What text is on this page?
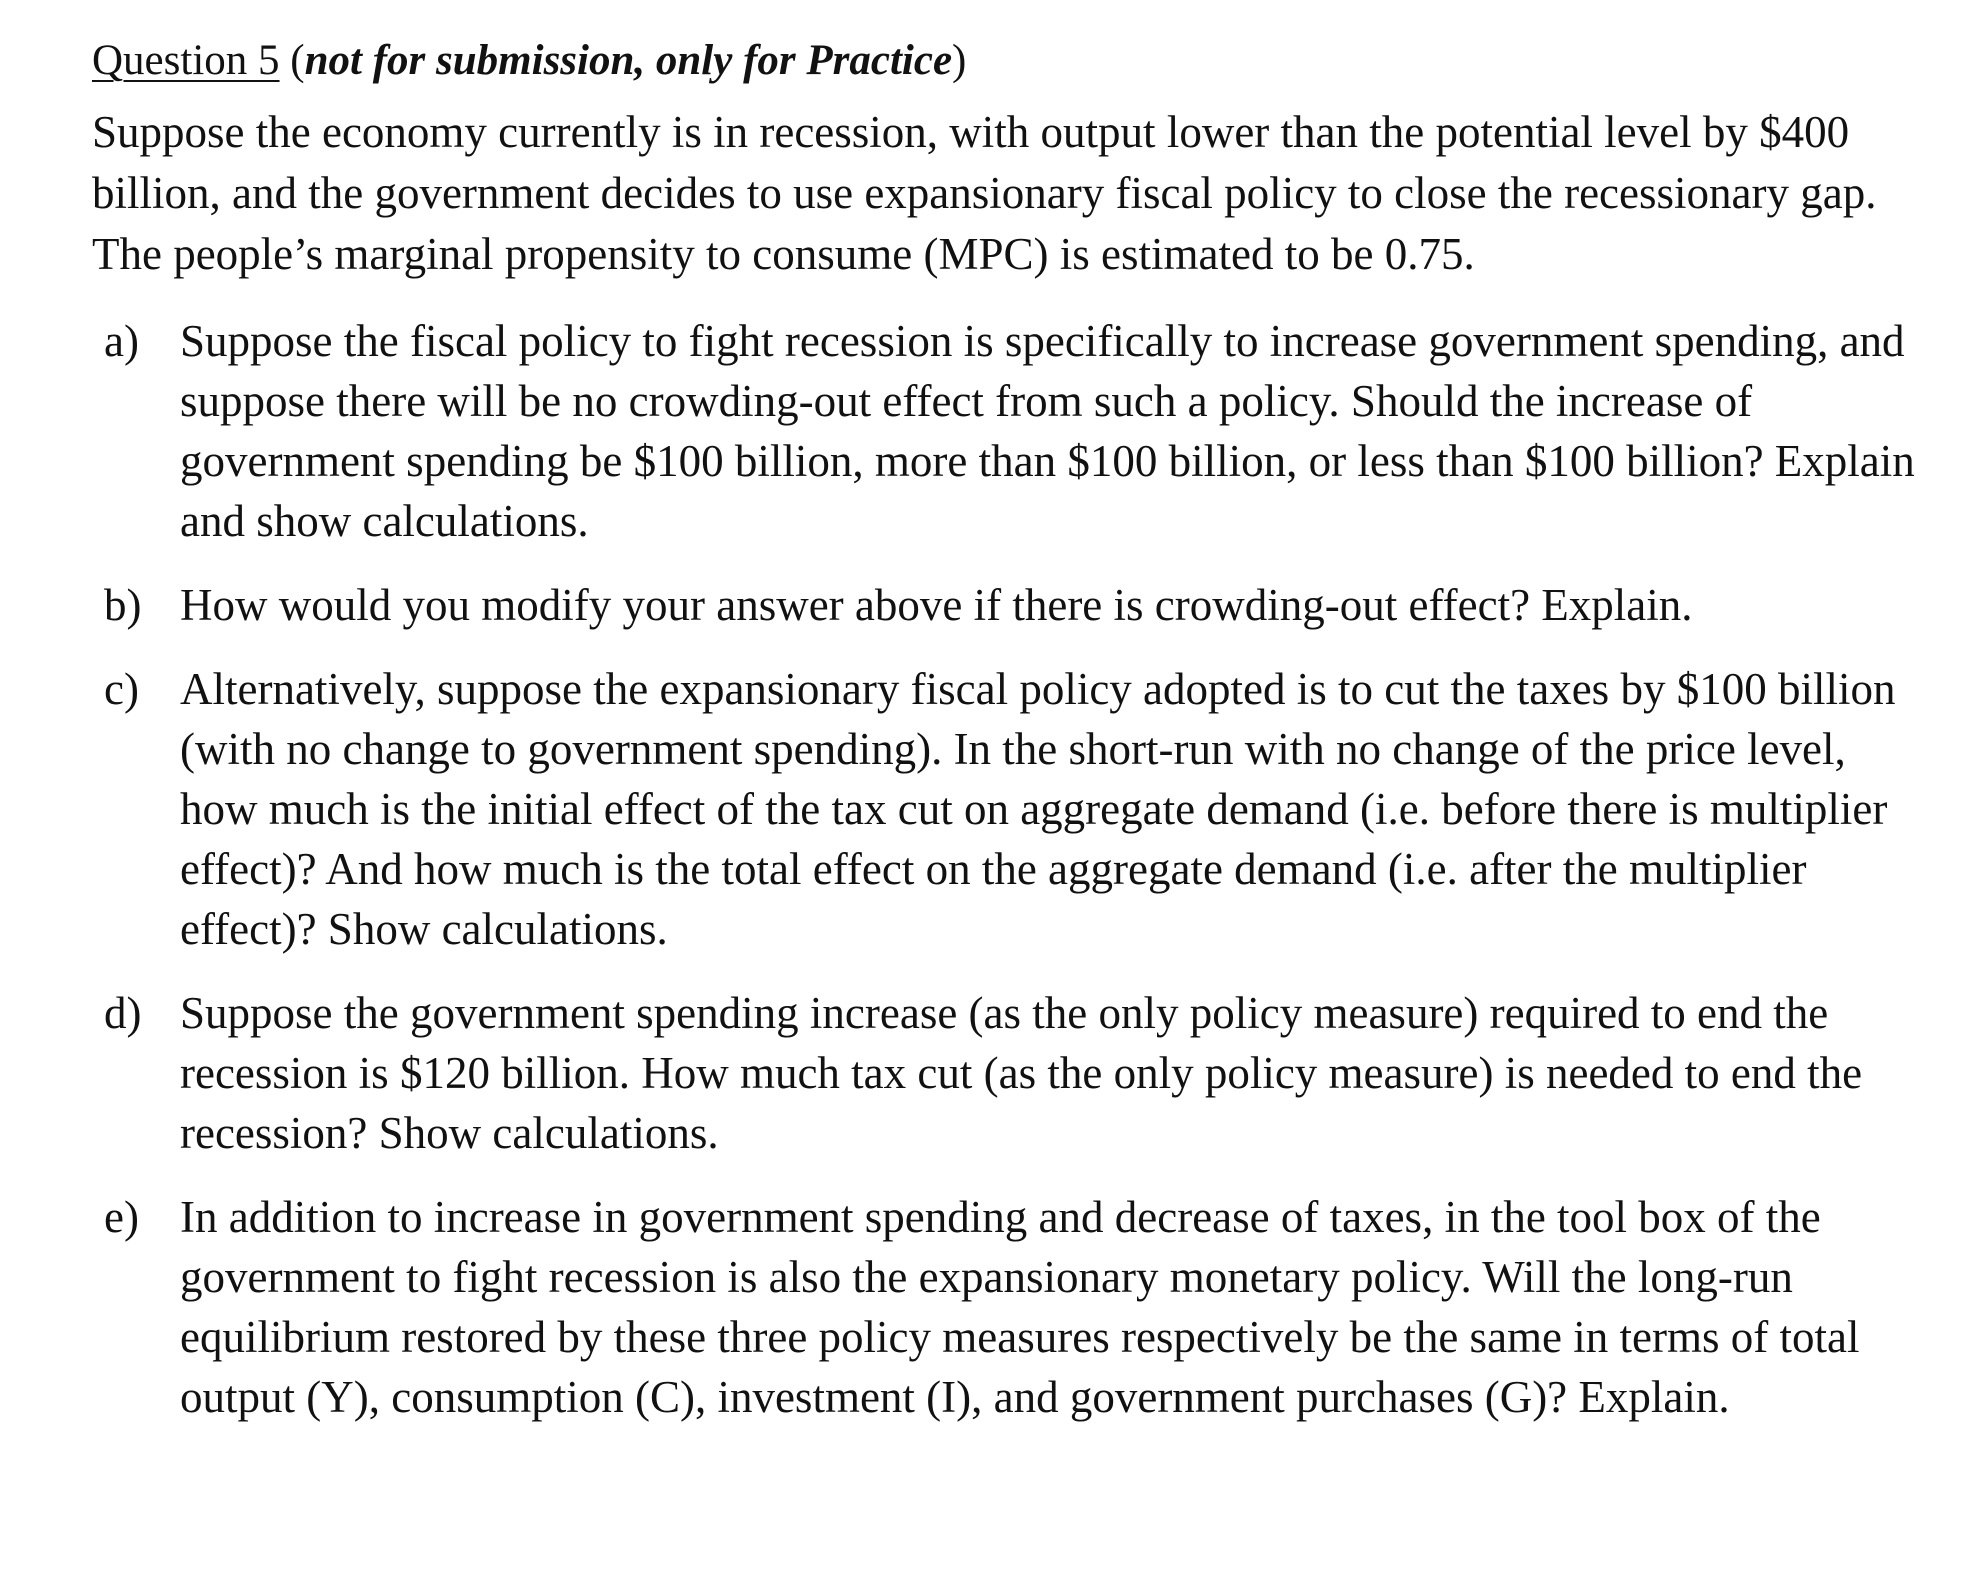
Question 5 (not for submission, only for Practice)

Suppose the economy currently is in recession, with output lower than the potential level by $400 billion, and the government decides to use expansionary fiscal policy to close the recessionary gap. The people’s marginal propensity to consume (MPC) is estimated to be 0.75.

a) Suppose the fiscal policy to fight recession is specifically to increase government spending, and suppose there will be no crowding-out effect from such a policy. Should the increase of government spending be $100 billion, more than $100 billion, or less than $100 billion? Explain and show calculations.
b) How would you modify your answer above if there is crowding-out effect? Explain.
c) Alternatively, suppose the expansionary fiscal policy adopted is to cut the taxes by $100 billion (with no change to government spending). In the short-run with no change of the price level, how much is the initial effect of the tax cut on aggregate demand (i.e. before there is multiplier effect)? And how much is the total effect on the aggregate demand (i.e. after the multiplier effect)? Show calculations.
d) Suppose the government spending increase (as the only policy measure) required to end the recession is $120 billion. How much tax cut (as the only policy measure) is needed to end the recession? Show calculations.
e) In addition to increase in government spending and decrease of taxes, in the tool box of the government to fight recession is also the expansionary monetary policy. Will the long-run equilibrium restored by these three policy measures respectively be the same in terms of total output (Y), consumption (C), investment (I), and government purchases (G)? Explain.
